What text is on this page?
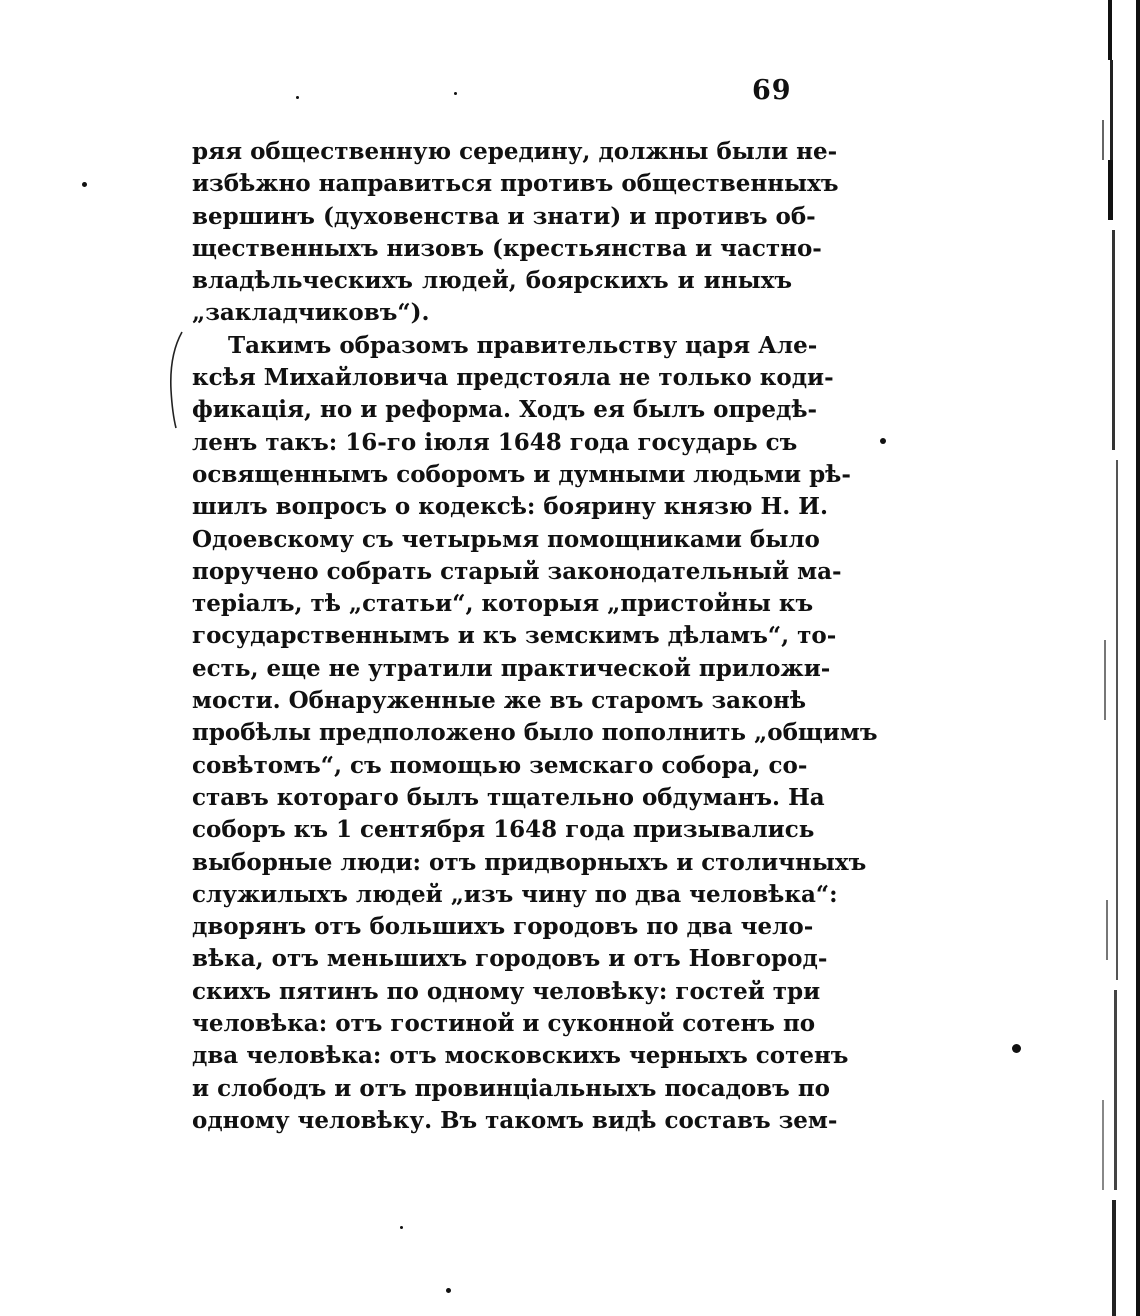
69
ряя общественную середину, должны были не-
избѣжно направиться противъ общественныхъ
вершинъ (духовенства и знати) и противъ об-
щественныхъ низовъ (крестьянства и частно-
владѣльческихъ людей, боярскихъ и иныхъ
„закладчиковъ“).
Такимъ образомъ правительству царя Але-
ксѣя Михайловича предстояла не только коди-
фикація, но и реформа. Ходъ ея былъ опредѣ-
ленъ такъ: 16-го іюля 1648 года государь съ
освященнымъ соборомъ и думными людьми рѣ-
шилъ вопросъ о кодексѣ: боярину князю Н. И.
Одоевскому съ четырьмя помощниками было
поручено собрать старый законодательный ма-
теріалъ, тѣ „статьи“, которыя „пристойны къ
государственнымъ и къ земскимъ дѣламъ“, то-
есть, еще не утратили практической приложи-
мости. Обнаруженные же въ старомъ законѣ
пробѣлы предположено было пополнить „общимъ
совѣтомъ“, съ помощью земскаго собора, со-
ставъ котораго былъ тщательно обдуманъ. На
соборъ къ 1 сентября 1648 года призывались
выборные люди: отъ придворныхъ и столичныхъ
служилыхъ людей „изъ чину по два человѣка“:
дворянъ отъ большихъ городовъ по два чело-
вѣка, отъ меньшихъ городовъ и отъ Новгород-
скихъ пятинъ по одному человѣку: гостей три
человѣка: отъ гостиной и суконной сотенъ по
два человѣка: отъ московскихъ черныхъ сотенъ
и слободъ и отъ провинціальныхъ посадовъ по
одному человѣку. Въ такомъ видѣ составъ зем-
